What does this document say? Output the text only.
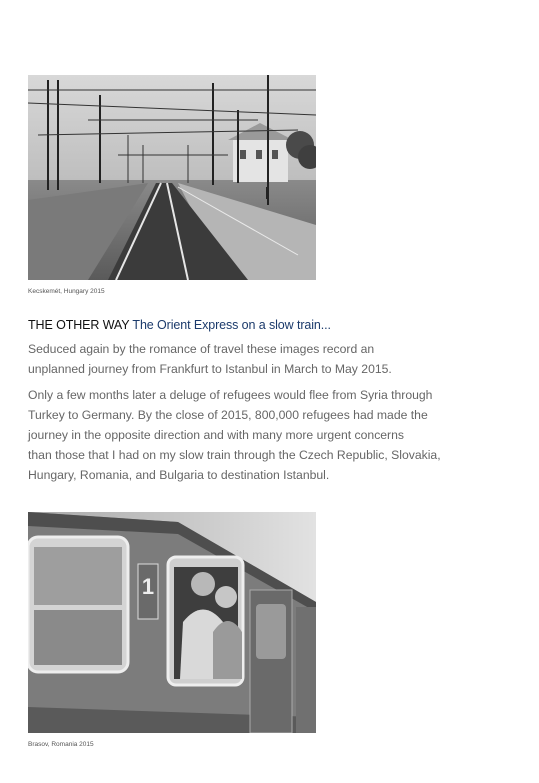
Kecskemét, Hungary 2015
THE OTHER WAY The Orient Express on a slow train...
Seduced again by the romance of travel these images record an
unplanned journey from Frankfurt to Istanbul in March to May 2015.
Only a few months later a deluge of refugees would flee from Syria through
Turkey to Germany. By the close of 2015, 800,000 refugees had made the
journey in the opposite direction and with many more urgent concerns
than those that I had on my slow train through the Czech Republic, Slovakia,
Hungary, Romania, and Bulgaria to destination Istanbul.
1
Brasov, Romania 2015
